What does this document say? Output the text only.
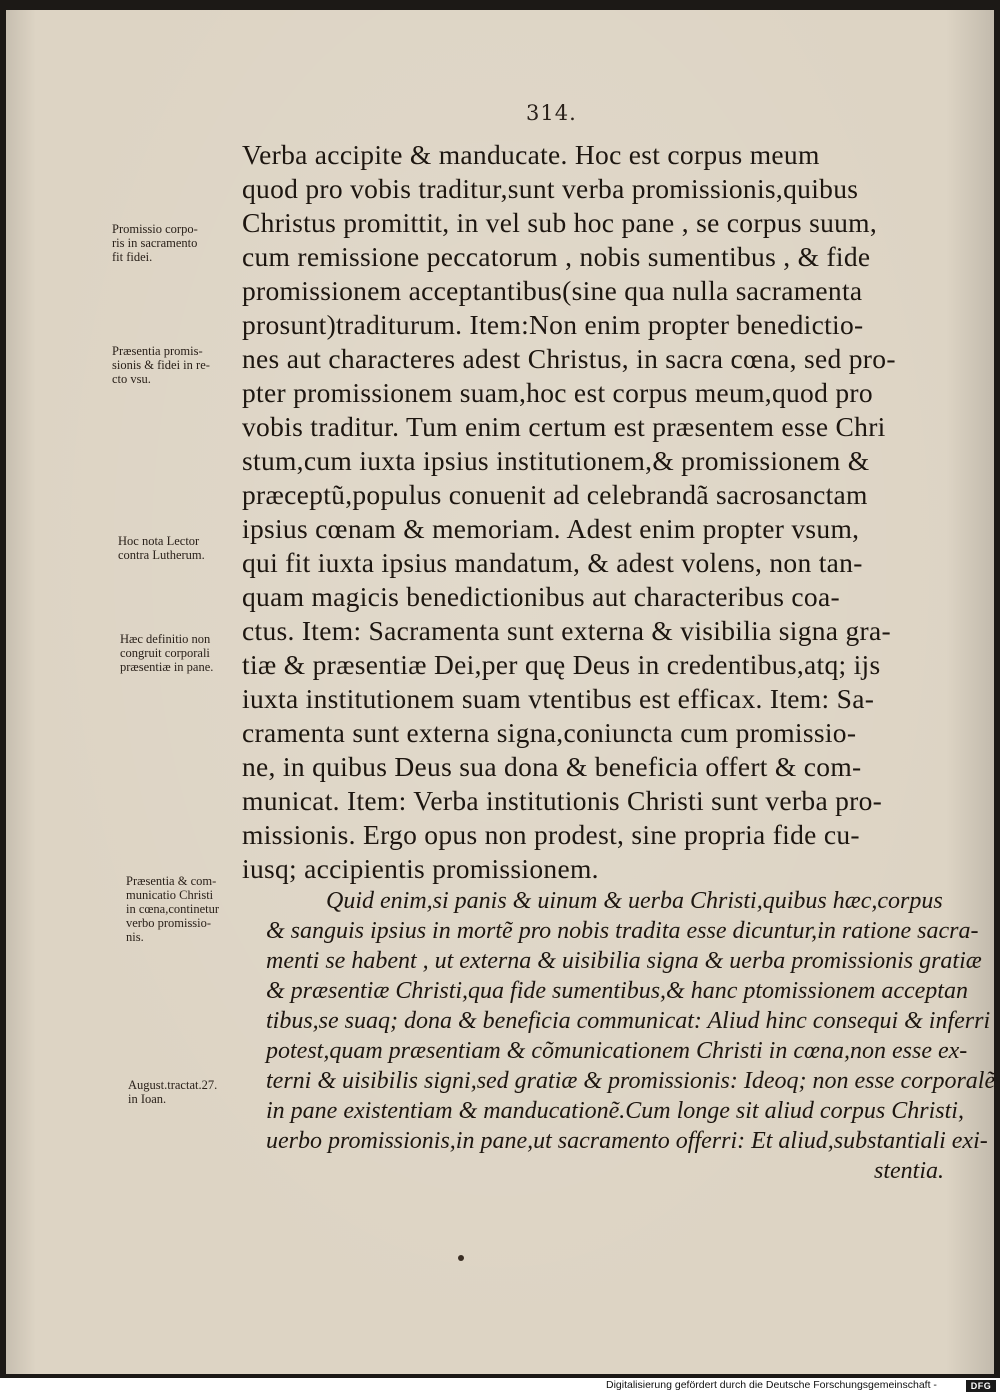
314.
Verba accipite & manducate. Hoc est corpus meum
quod pro vobis traditur,sunt verba promissionis,quibus
Christus promittit, in vel sub hoc pane , se corpus suum,
cum remissione peccatorum , nobis sumentibus , & fide
promissionem acceptantibus(sine qua nulla sacramenta
prosunt)traditurum. Item:Non enim propter benedictio-
nes aut characteres adest Christus, in sacra cœna, sed pro-
pter promissionem suam,hoc est corpus meum,quod pro
vobis traditur. Tum enim certum est præsentem esse Chri
stum,cum iuxta ipsius institutionem,& promissionem &
præceptũ,populus conuenit ad celebrandã sacrosanctam
ipsius cœnam & memoriam. Adest enim propter vsum,
qui fit iuxta ipsius mandatum, & adest volens, non tan-
quam magicis benedictionibus aut characteribus coa-
ctus. Item: Sacramenta sunt externa & visibilia signa gra-
tiæ & præsentiæ Dei,per quę Deus in credentibus,atq; ijs
iuxta institutionem suam vtentibus est efficax. Item: Sa-
cramenta sunt externa signa,coniuncta cum promissio-
ne, in quibus Deus sua dona & beneficia offert & com-
municat. Item: Verba institutionis Christi sunt verba pro-
missionis. Ergo opus non prodest, sine propria fide cu-
iusq; accipientis promissionem.
Quid enim,si panis & uinum & uerba Christi,quibus hæc,corpus
& sanguis ipsius in mortẽ pro nobis tradita esse dicuntur,in ratione sacra-
menti se habent , ut externa & uisibilia signa & uerba promissionis gratiæ
& præsentiæ Christi,qua fide sumentibus,& hanc ptomissionem acceptan
tibus,se suaq; dona & beneficia communicat: Aliud hinc consequi & inferri
potest,quam præsentiam & cõmunicationem Christi in cœna,non esse ex-
terni & uisibilis signi,sed gratiæ & promissionis: Ideoq; non esse corporalẽ
in pane existentiam & manducationẽ.Cum longe sit aliud corpus Christi,
uerbo promissionis,in pane,ut sacramento offerri: Et aliud,substantiali exi-
stentia.
Promissio corpo-
ris in sacramento
fit fidei.
Præsentia promis-
sionis & fidei in re-
cto vsu.
Hoc nota Lector
contra Lutherum.
Hæc definitio non
congruit corporali
præsentiæ in pane.
Præsentia & com-
municatio Christi
in cœna,continetur
verbo promissio-
nis.
August.tractat.27.
in Ioan.
Digitalisierung gefördert durch die Deutsche Forschungsgemeinschaft -	DFG
